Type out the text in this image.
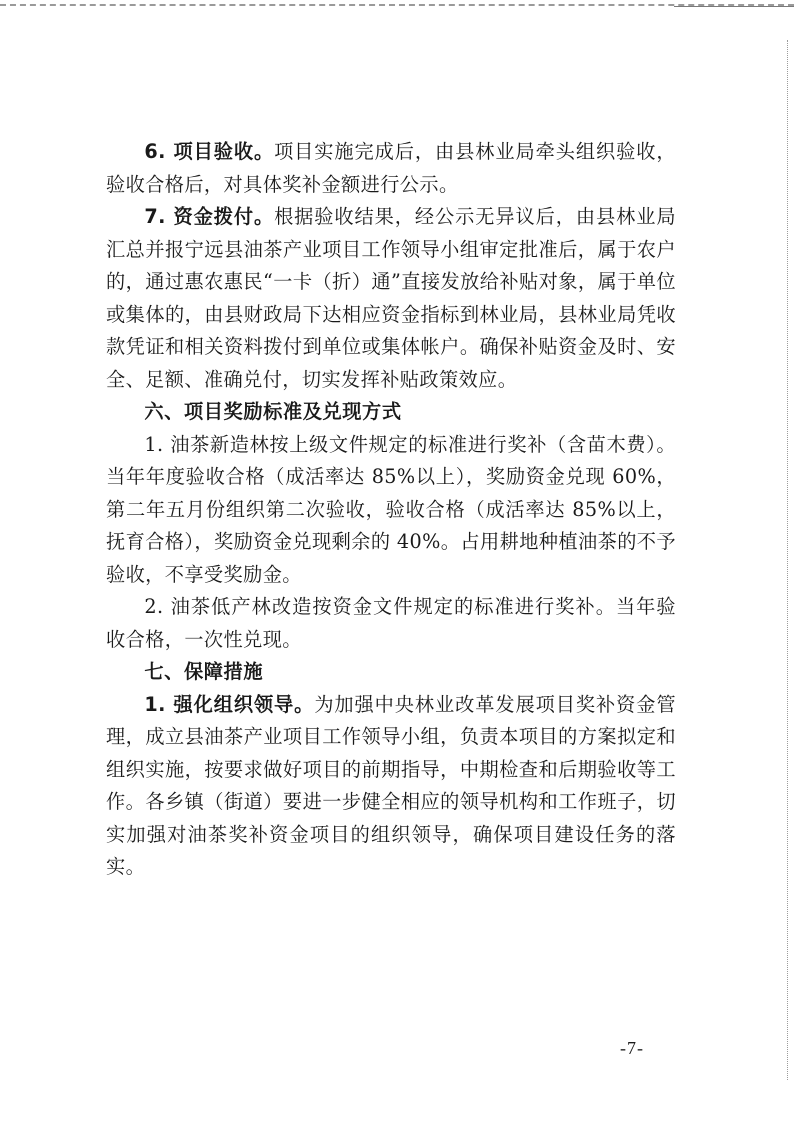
6. 项目验收。项目实施完成后，由县林业局牵头组织验收，验收合格后，对具体奖补金额进行公示。

7. 资金拨付。根据验收结果，经公示无异议后，由县林业局汇总并报宁远县油茶产业项目工作领导小组审定批准后，属于农户的，通过惠农惠民“一卡（折）通”直接发放给补贴对象，属于单位或集体的，由县财政局下达相应资金指标到林业局，县林业局凭收款凭证和相关资料拨付到单位或集体帐户。确保补贴资金及时、安全、足额、准确兑付，切实发挥补贴政策效应。

六、项目奖励标准及兑现方式

1. 油茶新造林按上级文件规定的标准进行奖补（含苗木费）。当年年度验收合格（成活率达 85%以上），奖励资金兑现 60%，第二年五月份组织第二次验收，验收合格（成活率达 85%以上，抚育合格），奖励资金兑现剩余的 40%。占用耕地种植油茶的不予验收，不享受奖励金。

2. 油茶低产林改造按资金文件规定的标准进行奖补。当年验收合格，一次性兑现。

七、保障措施

1. 强化组织领导。为加强中央林业改革发展项目奖补资金管理，成立县油茶产业项目工作领导小组，负责本项目的方案拟定和组织实施，按要求做好项目的前期指导，中期检查和后期验收等工作。各乡镇（街道）要进一步健全相应的领导机构和工作班子，切实加强对油茶奖补资金项目的组织领导，确保项目建设任务的落实。

-7-
